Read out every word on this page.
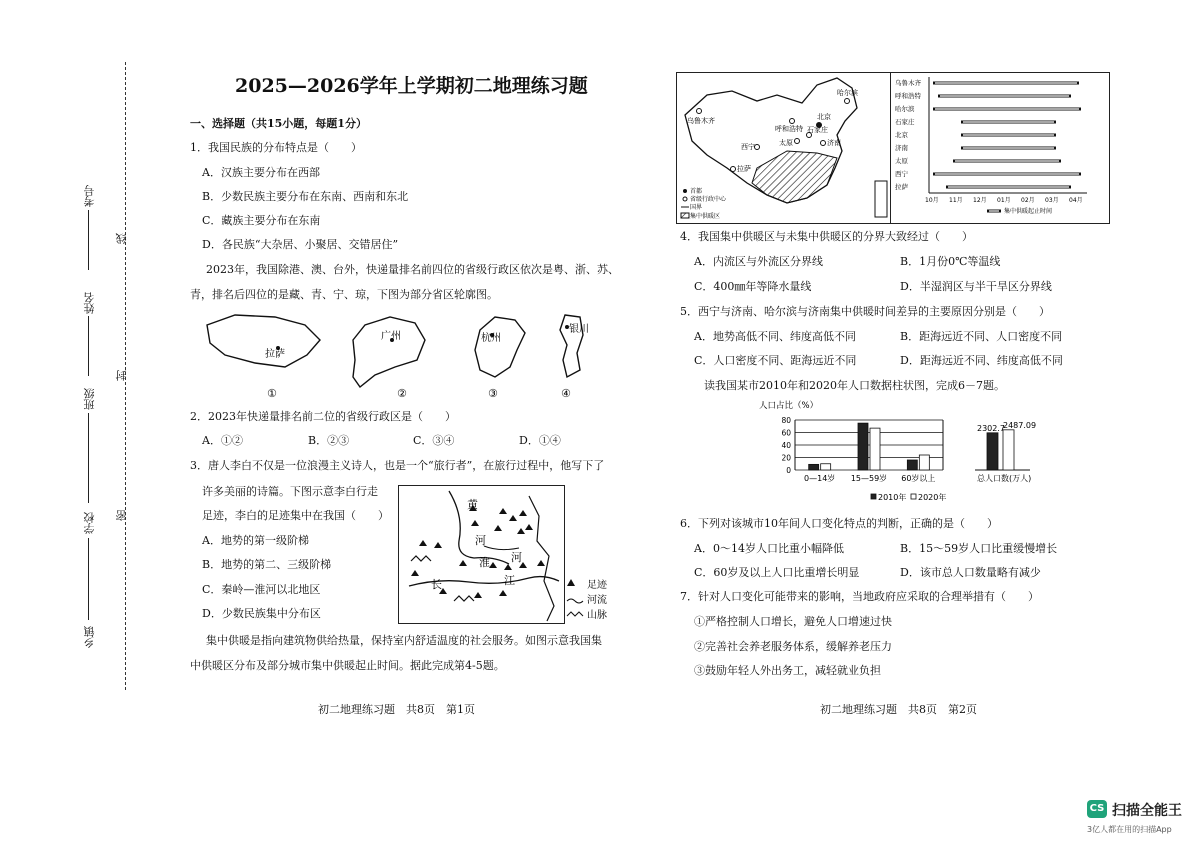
考号
姓名
班级
学校
乡镇
线
封
密
2025—2026学年上学期初二地理练习题
一、选择题（共15小题，每题1分）
1．我国民族的分布特点是（　　）
A．汉族主要分布在西部
B．少数民族主要分布在东南、西南和东北
C．藏族主要分布在东南
D．各民族“大杂居、小聚居、交错居住”
2023年，我国除港、澳、台外，快递量排名前四位的省级行政区依次是粤、浙、苏、
青，排名后四位的是藏、青、宁、琼，下图为部分省区轮廓图。
拉萨
广州	杭州
银川
①	②	③	④
2．2023年快递量排名前二位的省级行政区是（　　）
A．①②	B．②③	C．③④	D．①④
3．唐人李白不仅是一位浪漫主义诗人，也是一个“旅行者”，在旅行过程中，他写下了
许多美丽的诗篇。下图示意李白行走
足迹，李白的足迹集中在我国（　　）
A．地势的第一级阶梯
B．地势的第二、三级阶梯
C．秦岭—淮河以北地区
D．少数民族集中分布区
黄
河
淮 河
长	江	足迹
河流
山脉
集中供暖是指向建筑物供给热量，保持室内舒适温度的社会服务。如图示意我国集
中供暖区分布及部分城市集中供暖起止时间。据此完成第4-5题。
初二地理练习题　共8页　第1页
乌鲁木齐
哈尔滨
呼和浩特
北京
石家庄
太原	济南
西宁
拉萨
首都
省级行政中心
国界
集中供暖区
乌鲁木齐
呼和浩特
哈尔滨
石家庄
北京
济南
太原
西宁
拉萨
10月 11月 12月 01月 02月 03月 04月
集中供暖起止时间
4．我国集中供暖区与未集中供暖区的分界大致经过（　　）
A．内流区与外流区分界线	B．1月份0℃等温线
C．400㎜年等降水量线	D．半湿润区与半干旱区分界线
5．西宁与济南、哈尔滨与济南集中供暖时间差异的主要原因分别是（　　）
A．地势高低不同、纬度高低不同	B．距海远近不同、人口密度不同
C．人口密度不同、距海远近不同	D．距海远近不同、纬度高低不同
读我国某市2010年和2020年人口数据柱状图，完成6－7题。
人口占比（%）
0
20
40
60
80
0—14岁 15—59岁 60岁以上
2302.7
2487.09
总人口数(万人)
2010年 2020年
6．下列对该城市10年间人口变化特点的判断，正确的是（　　）
A．0～14岁人口比重小幅降低	B．15～59岁人口比重缓慢增长
C．60岁及以上人口比重增长明显	D．该市总人口数量略有减少
7．针对人口变化可能带来的影响，当地政府应采取的合理举措有（　　）
①严格控制人口增长，避免人口增速过快
②完善社会养老服务体系，缓解养老压力
③鼓励年轻人外出务工，减轻就业负担
初二地理练习题　共8页　第2页
CS 扫描全能王
3亿人都在用的扫描App
